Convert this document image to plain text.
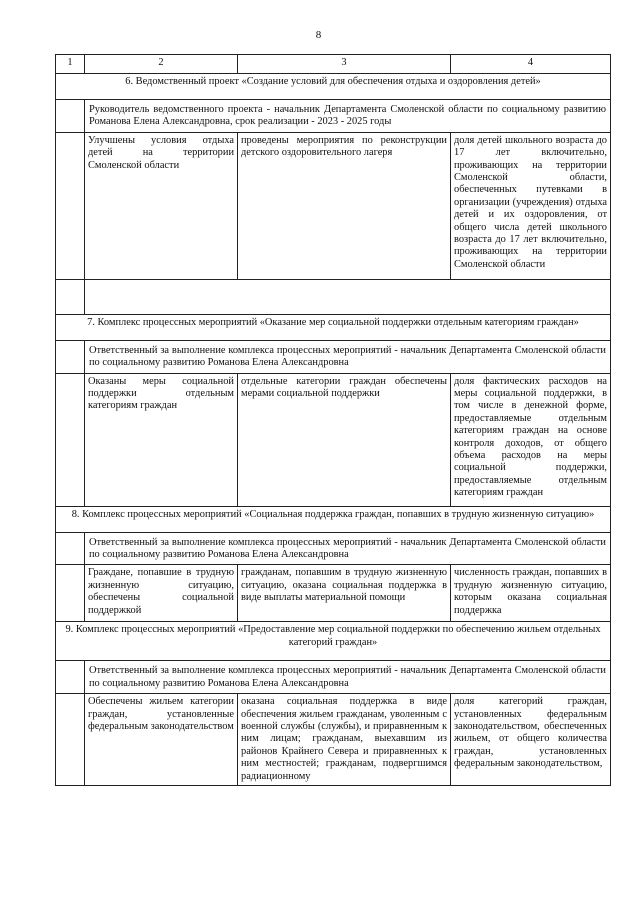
8
1	2	3	4
6. Ведомственный проект «Создание условий для обеспечения отдыха и оздоровления детей»			
	Руководитель ведомственного проекта - начальник Департамента Смоленской области по социальному развитию Романова Елена Александровна, срок реализации - 2023 - 2025 годы		
	Улучшены условия отдыха детей на территории Смоленской области	проведены мероприятия по реконструкции детского оздоровительного лагеря	доля детей школьного возраста до 17 лет включительно, проживающих на территории Смоленской области, обеспеченных путевками в организации (учреждения) отдыха детей и их оздоровления, от общего числа детей школьного возраста до 17 лет включительно, проживающих на территории Смоленской области

7. Комплекс процессных мероприятий «Оказание мер социальной поддержки отдельным категориям граждан»			
	Ответственный за выполнение комплекса процессных мероприятий - начальник Департамента Смоленской области по социальному развитию Романова Елена Александровна		
	Оказаны меры социальной поддержки отдельным категориям граждан	отдельные категории граждан обеспечены мерами социальной поддержки	доля фактических расходов на меры социальной поддержки, в том числе в денежной форме, предоставляемые отдельным категориям граждан на основе контроля доходов, от общего объема расходов на меры социальной поддержки, предоставляемые отдельным категориям граждан
8. Комплекс процессных мероприятий «Социальная поддержка граждан, попавших в трудную жизненную ситуацию»			
	Ответственный за выполнение комплекса процессных мероприятий - начальник Департамента Смоленской области по социальному развитию Романова Елена Александровна		
	Граждане, попавшие в трудную жизненную ситуацию, обеспечены социальной поддержкой	гражданам, попавшим в трудную жизненную ситуацию, оказана социальная поддержка в виде выплаты материальной помощи	численность граждан, попавших в трудную жизненную ситуацию, которым оказана социальная поддержка
9. Комплекс процессных мероприятий «Предоставление мер социальной поддержки по обеспечению жильем отдельных категорий граждан»			
	Ответственный за выполнение комплекса процессных мероприятий - начальник Департамента Смоленской области по социальному развитию Романова Елена Александровна		
	Обеспечены жильем категории граждан, установленные федеральным законодательством	оказана социальная поддержка в виде обеспечения жильем гражданам, уволенным с военной службы (службы), и приравненным к ним лицам; гражданам, выехавшим из районов Крайнего Севера и приравненных к ним местностей; гражданам, подвергшимся радиационному	доля категорий граждан, установленных федеральным законодательством, обеспеченных жильем, от общего количества граждан, установленных федеральным законодательством,
